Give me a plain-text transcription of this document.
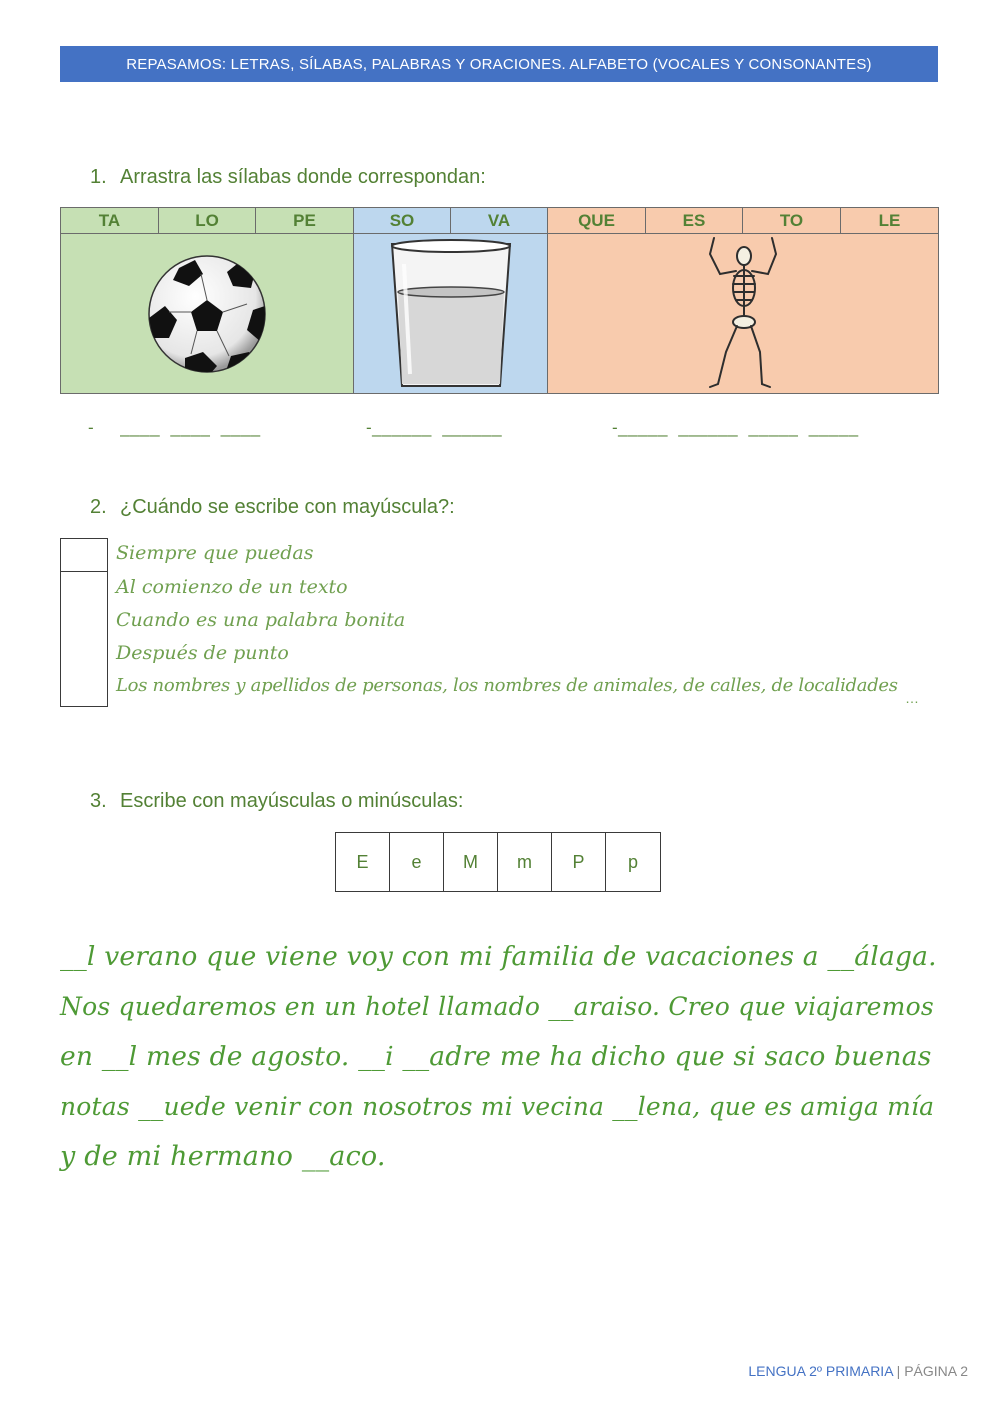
REPASAMOS: LETRAS, SÍLABAS, PALABRAS Y ORACIONES. ALFABETO (VOCALES Y CONSONANTES)
1. Arrastra las sílabas donde correspondan:
TA	LO	PE	SO	VA	QUE	ES	TO	LE
-     ____  ____  ____	-______  ______	-_____  ______  _____  _____
2. ¿Cuándo se escribe con mayúscula?:
Siempre que puedas
Al comienzo de un texto
Cuando es una palabra bonita
Después de punto
Los nombres y apellidos de personas, los nombres de animales, de calles, de localidades
…
3. Escribe con mayúsculas o minúsculas:
E	e	M	m	P	p
__l verano que viene voy con mi familia de vacaciones a __álaga.
Nos quedaremos en un hotel llamado __araiso. Creo que viajaremos
en __l mes de agosto. __i __adre me ha dicho que si saco buenas
notas __uede venir con nosotros mi vecina __lena, que es amiga mía
y de mi hermano __aco.
LENGUA 2º PRIMARIA | PÁGINA 2
